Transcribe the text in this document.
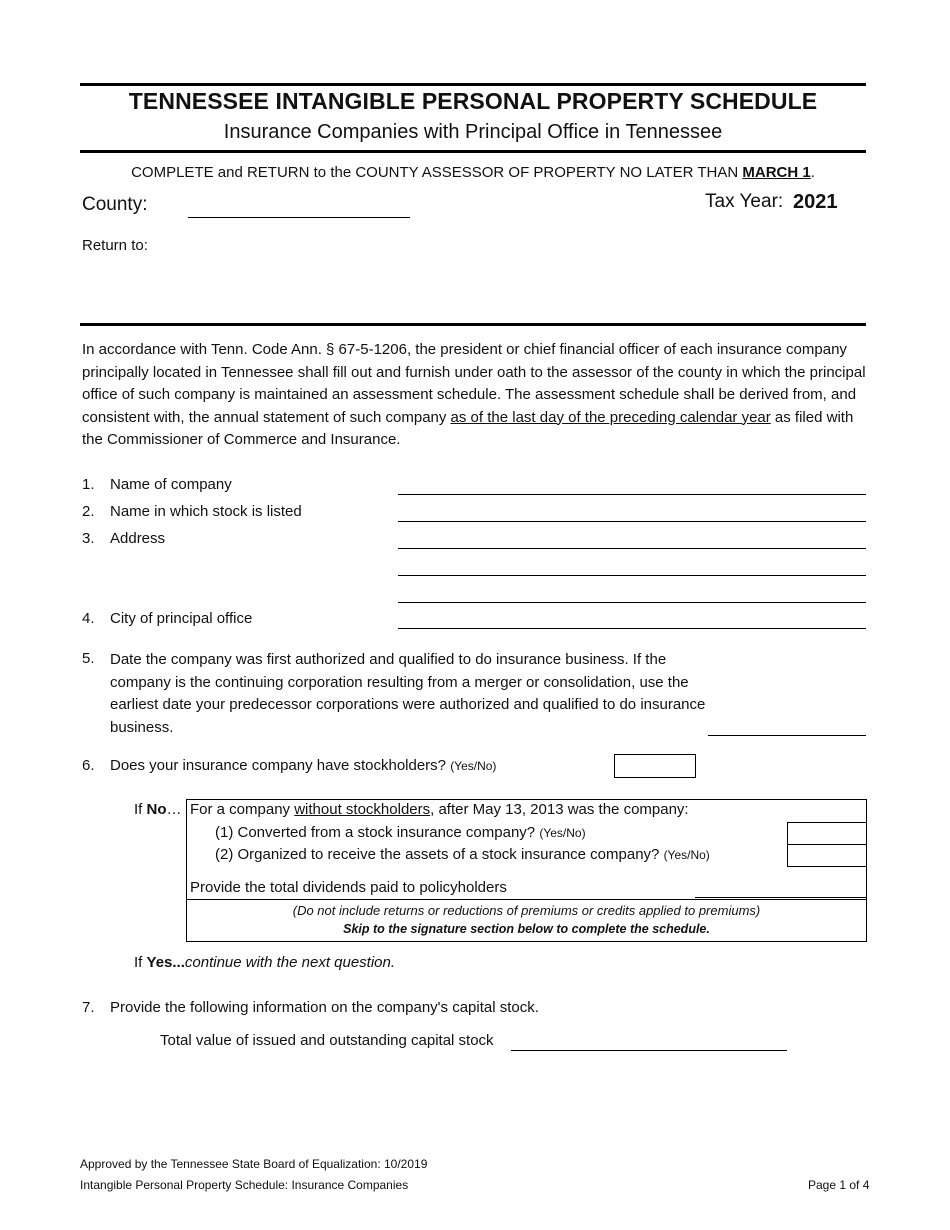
TENNESSEE INTANGIBLE PERSONAL PROPERTY SCHEDULE
Insurance Companies with Principal Office in Tennessee
COMPLETE and RETURN to the COUNTY ASSESSOR OF PROPERTY NO LATER THAN MARCH 1.
County:	Tax Year: 2021
Return to:
In accordance with Tenn. Code Ann. § 67-5-1206, the president or chief financial officer of each insurance company principally located in Tennessee shall fill out and furnish under oath to the assessor of the county in which the principal office of such company is maintained an assessment schedule. The assessment schedule shall be derived from, and consistent with, the annual statement of such company as of the last day of the preceding calendar year as filed with the Commissioner of Commerce and Insurance.
1. Name of company
2. Name in which stock is listed
3. Address
4. City of principal office
5. Date the company was first authorized and qualified to do insurance business. If the company is the continuing corporation resulting from a merger or consolidation, use the earliest date your predecessor corporations were authorized and qualified to do insurance business.
6. Does your insurance company have stockholders? (Yes/No)
If No… For a company without stockholders, after May 13, 2013 was the company:
(1) Converted from a stock insurance company? (Yes/No)
(2) Organized to receive the assets of a stock insurance company? (Yes/No)
Provide the total dividends paid to policyholders
(Do not include returns or reductions of premiums or credits applied to premiums)
Skip to the signature section below to complete the schedule.
If Yes...continue with the next question.
7. Provide the following information on the company's capital stock.
Total value of issued and outstanding capital stock
Approved by the Tennessee State Board of Equalization: 10/2019
Intangible Personal Property Schedule: Insurance Companies	Page 1 of 4
